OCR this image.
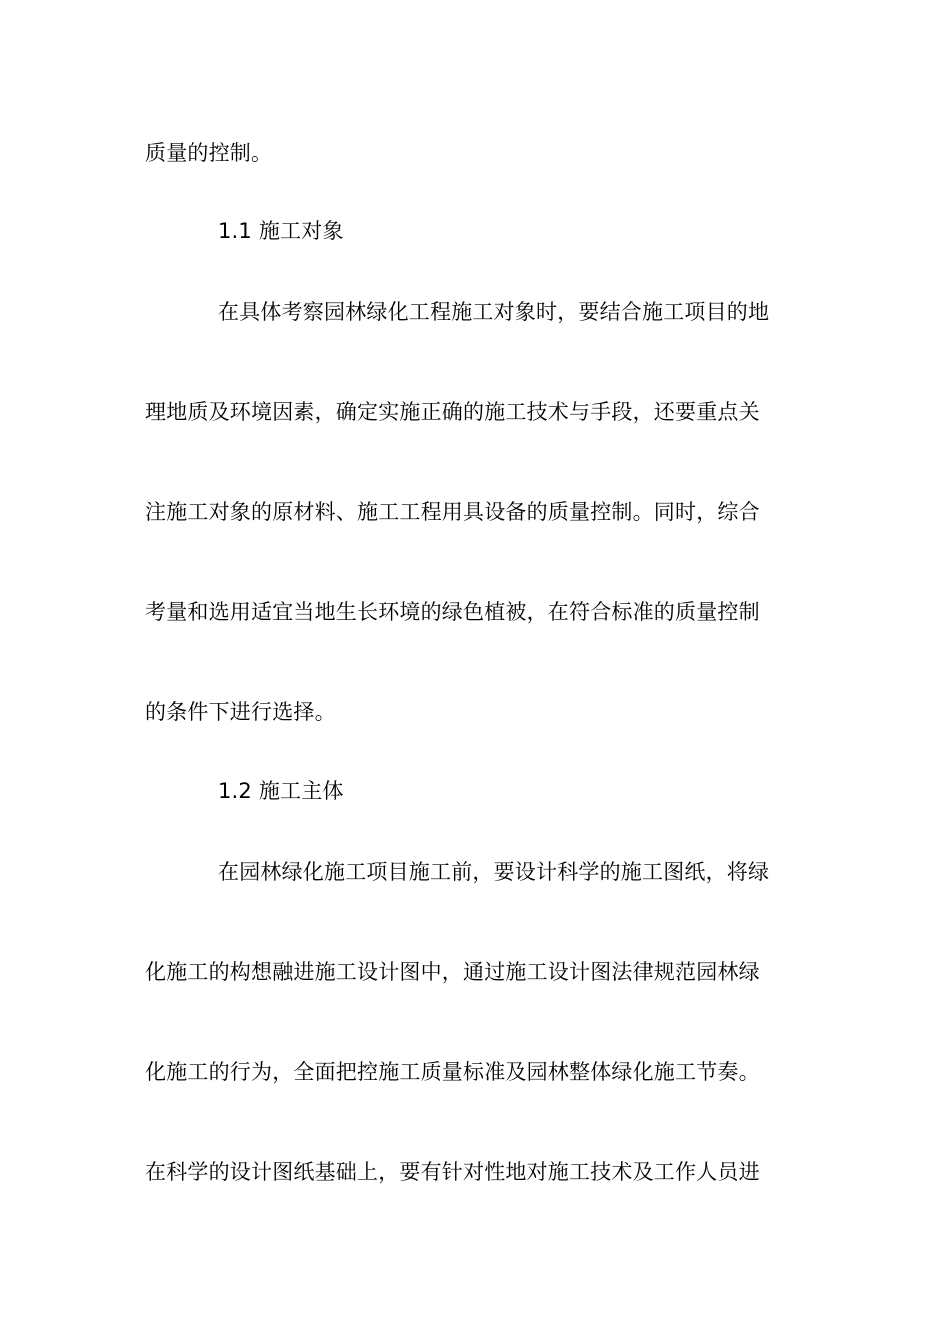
质量的控制。
1.1 施工对象
在具体考察园林绿化工程施工对象时，要结合施工项目的地
理地质及环境因素，确定实施正确的施工技术与手段，还要重点关
注施工对象的原材料、施工工程用具设备的质量控制。同时，综合
考量和选用适宜当地生长环境的绿色植被，在符合标准的质量控制
的条件下进行选择。
1.2 施工主体
在园林绿化施工项目施工前，要设计科学的施工图纸，将绿
化施工的构想融进施工设计图中，通过施工设计图法律规范园林绿
化施工的行为，全面把控施工质量标准及园林整体绿化施工节奏。
在科学的设计图纸基础上，要有针对性地对施工技术及工作人员进
